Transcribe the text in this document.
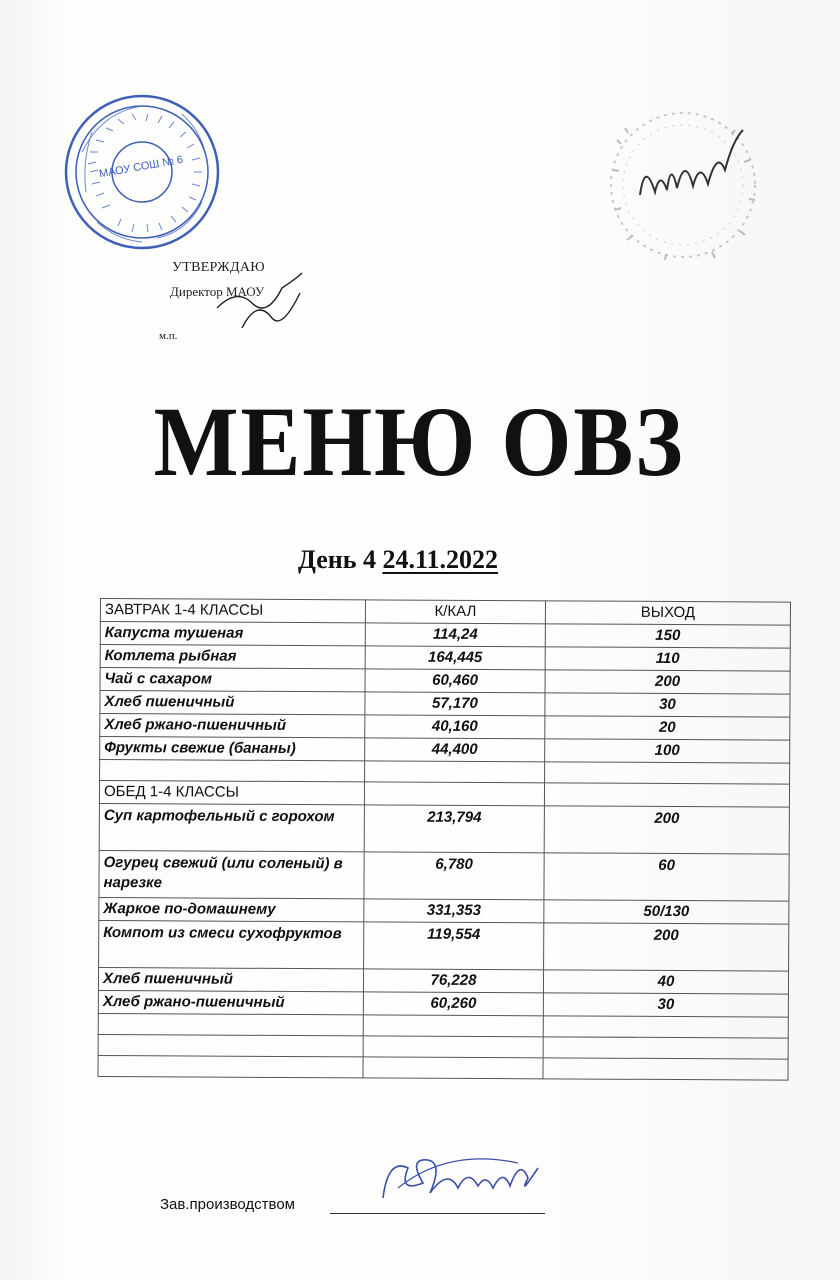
МАОУ СОШ № 6
УТВЕРЖДАЮ
Директор МАОУ
м.п.
МЕНЮ ОВЗ
День 4 24.11.2022
ЗАВТРАК 1-4 КЛАССЫ	К/КАЛ	ВЫХОД
Капуста тушеная	114,24	150
Котлета рыбная	164,445	110
Чай с сахаром	60,460	200
Хлеб пшеничный	57,170	30
Хлеб ржано-пшеничный	40,160	20
Фрукты свежие (бананы)	44,400	100

ОБЕД 1-4 КЛАССЫ		
Суп картофельный с горохом	213,794	200
Огурец свежий (или соленый) в нарезке	6,780	60
Жаркое по-домашнему	331,353	50/130
Компот из смеси сухофруктов	119,554	200
Хлеб пшеничный	76,228	40
Хлеб ржано-пшеничный	60,260	30

Зав.производством
